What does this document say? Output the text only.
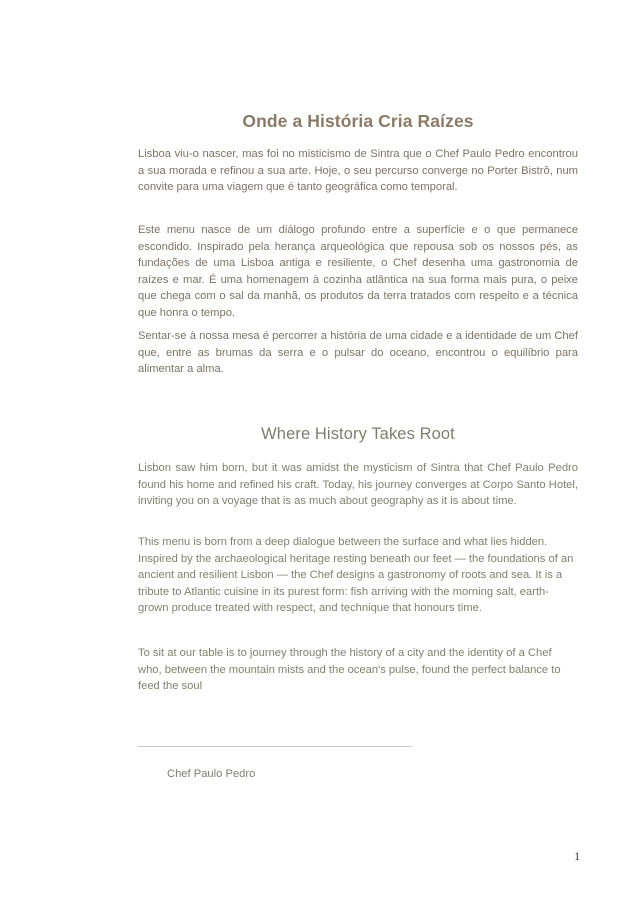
Onde a História Cria Raízes

Lisboa viu-o nascer, mas foi no misticismo de Sintra que o Chef Paulo Pedro encontrou a sua morada e refinou a sua arte. Hoje, o seu percurso converge no Porter Bistrô, num convite para uma viagem que é tanto geográfica como temporal.

Este menu nasce de um diálogo profundo entre a superfície e o que permanece escondido. Inspirado pela herança arqueológica que repousa sob os nossos pés, as fundações de uma Lisboa antiga e resiliente, o Chef desenha uma gastronomia de raízes e mar. É uma homenagem à cozinha atlântica na sua forma mais pura, o peixe que chega com o sal da manhã, os produtos da terra tratados com respeito e a técnica que honra o tempo.

Sentar-se à nossa mesa é percorrer a história de uma cidade e a identidade de um Chef que, entre as brumas da serra e o pulsar do oceano, encontrou o equilíbrio para alimentar a alma.

Where History Takes Root

Lisbon saw him born, but it was amidst the mysticism of Sintra that Chef Paulo Pedro found his home and refined his craft. Today, his journey converges at Corpo Santo Hotel, inviting you on a voyage that is as much about geography as it is about time.

This menu is born from a deep dialogue between the surface and what lies hidden. Inspired by the archaeological heritage resting beneath our feet — the foundations of an ancient and resilient Lisbon — the Chef designs a gastronomy of roots and sea. It is a tribute to Atlantic cuisine in its purest form: fish arriving with the morning salt, earth-grown produce treated with respect, and technique that honours time.

To sit at our table is to journey through the history of a city and the identity of a Chef who, between the mountain mists and the ocean's pulse, found the perfect balance to feed the soul

Chef Paulo Pedro
1
